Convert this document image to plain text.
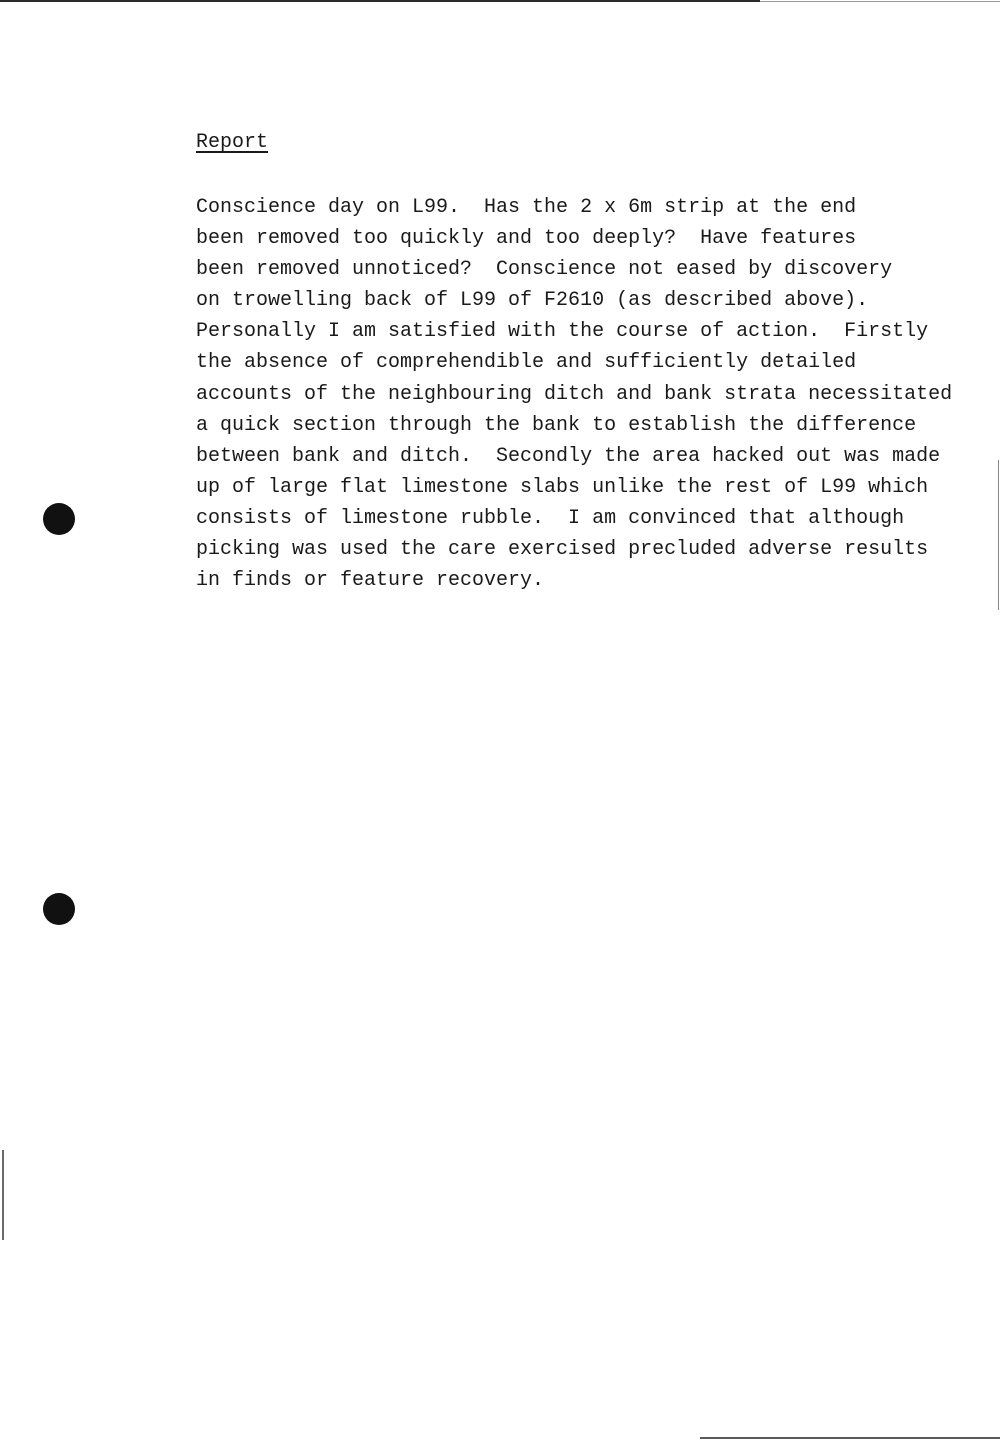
Report
Conscience day on L99.  Has the 2 x 6m strip at the end
been removed too quickly and too deeply?  Have features
been removed unnoticed?  Conscience not eased by discovery
on trowelling back of L99 of F2610 (as described above).
Personally I am satisfied with the course of action.  Firstly
the absence of comprehendible and sufficiently detailed
accounts of the neighbouring ditch and bank strata necessitated
a quick section through the bank to establish the difference
between bank and ditch.  Secondly the area hacked out was made
up of large flat limestone slabs unlike the rest of L99 which
consists of limestone rubble.  I am convinced that although
picking was used the care exercised precluded adverse results
in finds or feature recovery.
